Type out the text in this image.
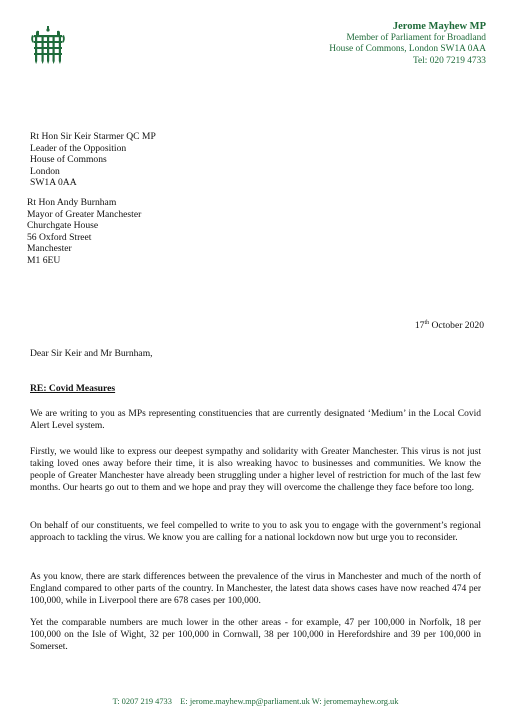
Jerome Mayhew MP
Member of Parliament for Broadland
House of Commons, London SW1A 0AA
Tel: 020 7219 4733
Rt Hon Sir Keir Starmer QC MP
Leader of the Opposition
House of Commons
London
SW1A 0AA
Rt Hon Andy Burnham
Mayor of Greater Manchester
Churchgate House
56 Oxford Street
Manchester
M1 6EU
17th October 2020
Dear Sir Keir and Mr Burnham,
RE: Covid Measures
We are writing to you as MPs representing constituencies that are currently designated ‘Medium’ in the Local Covid Alert Level system.
Firstly, we would like to express our deepest sympathy and solidarity with Greater Manchester. This virus is not just taking loved ones away before their time, it is also wreaking havoc to businesses and communities. We know the people of Greater Manchester have already been struggling under a higher level of restriction for much of the last few months. Our hearts go out to them and we hope and pray they will overcome the challenge they face before too long.
On behalf of our constituents, we feel compelled to write to you to ask you to engage with the government’s regional approach to tackling the virus. We know you are calling for a national lockdown now but urge you to reconsider.
As you know, there are stark differences between the prevalence of the virus in Manchester and much of the north of England compared to other parts of the country. In Manchester, the latest data shows cases have now reached 474 per 100,000, while in Liverpool there are 678 cases per 100,000.
Yet the comparable numbers are much lower in the other areas - for example, 47 per 100,000 in Norfolk, 18 per 100,000 on the Isle of Wight, 32 per 100,000 in Cornwall, 38 per 100,000 in Herefordshire and 39 per 100,000 in Somerset.
T: 0207 219 4733    E: jerome.mayhew.mp@parliament.uk W: jeromemayhew.org.uk
